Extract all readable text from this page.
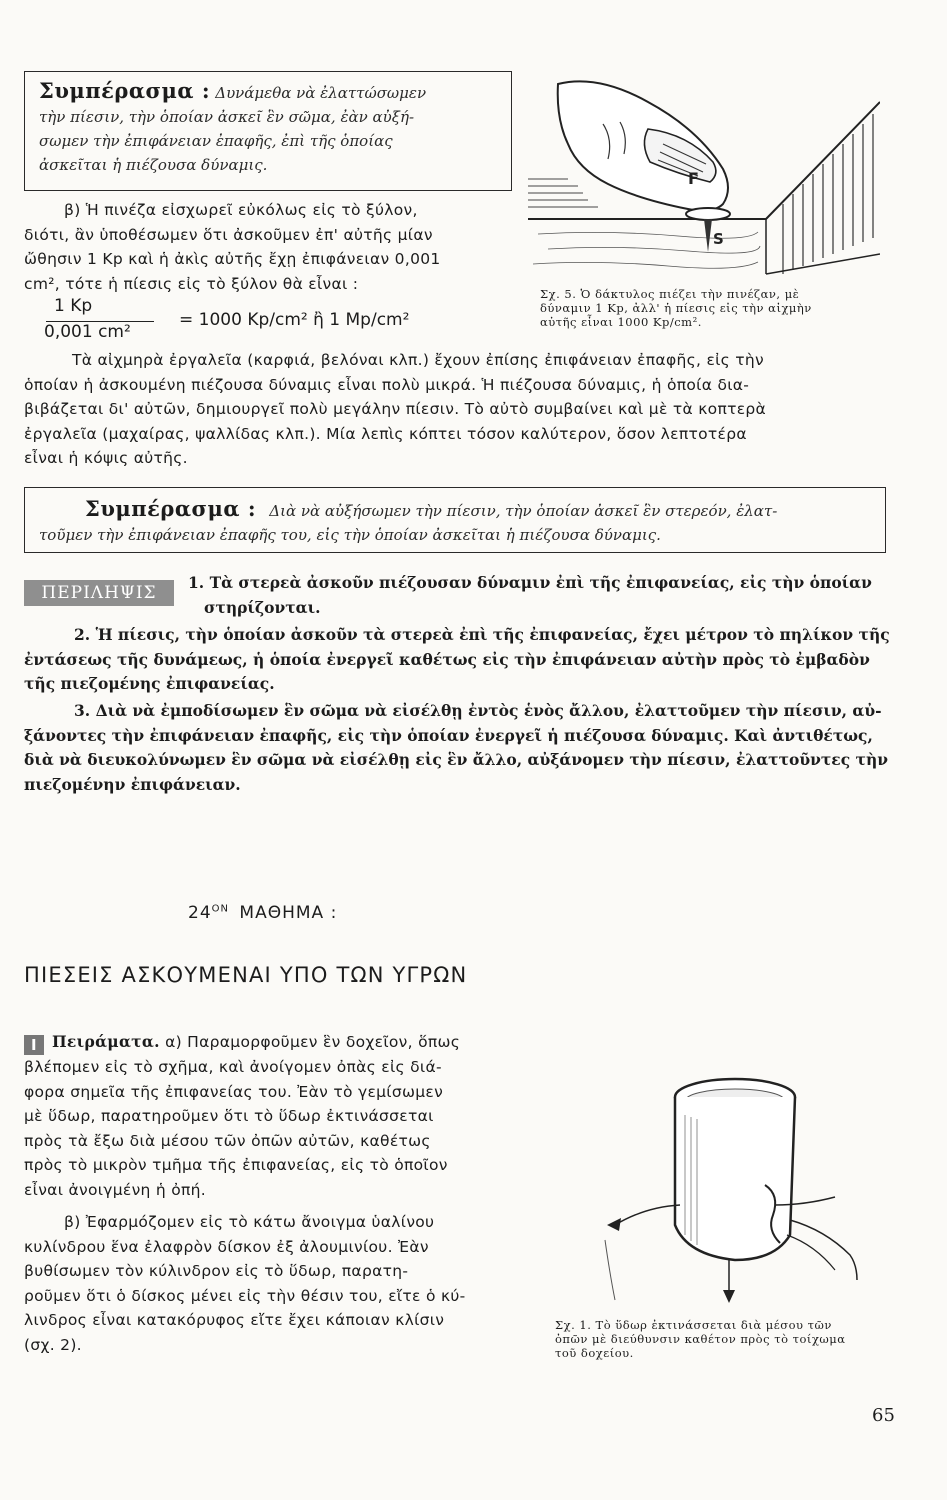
Συμπέρασμα : Δυνάμεθα νὰ ἐλαττώσωμεν
τὴν πίεσιν, τὴν ὁποίαν ἀσκεῖ ἓν σῶμα, ἐὰν αὐξή-
σωμεν τὴν ἐπιφάνειαν ἐπαφῆς, ἐπὶ τῆς ὁποίας
ἀσκεῖται ἡ πιέζουσα δύναμις.
β) Ἡ πινέζα εἰσχωρεῖ εὐκόλως εἰς τὸ ξύλον,
διότι, ἂν ὑποθέσωμεν ὅτι ἀσκοῦμεν ἐπ' αὐτῆς μίαν
ὤθησιν 1 Kp καὶ ἡ ἀκὶς αὐτῆς ἔχῃ ἐπιφάνειαν 0,001
cm², τότε ἡ πίεσις εἰς τὸ ξύλον θὰ εἶναι :
1 Kp
0,001 cm²
= 1000 Kp/cm² ἢ 1 Mp/cm²
F
S
Σχ. 5. Ὁ δάκτυλος πιέζει τὴν πινέζαν, μὲ
δύναμιν 1 Kp, ἀλλ' ἡ πίεσις εἰς τὴν αἰχμὴν
αὐτῆς εἶναι 1000 Kp/cm².
Τὰ αἰχμηρὰ ἐργαλεῖα (καρφιά, βελόναι κλπ.) ἔχουν ἐπίσης ἐπιφάνειαν ἐπαφῆς, εἰς τὴν
ὁποίαν ἡ ἀσκουμένη πιέζουσα δύναμις εἶναι πολὺ μικρά. Ἡ πιέζουσα δύναμις, ἡ ὁποία δια-
βιβάζεται δι' αὐτῶν, δημιουργεῖ πολὺ μεγάλην πίεσιν. Τὸ αὐτὸ συμβαίνει καὶ μὲ τὰ κοπτερὰ
ἐργαλεῖα (μαχαίρας, ψαλλίδας κλπ.). Μία λεπὶς κόπτει τόσον καλύτερον, ὅσον λεπτοτέρα
εἶναι ἡ κόψις αὐτῆς.
Συμπέρασμα : Διὰ νὰ αὐξήσωμεν τὴν πίεσιν, τὴν ὁποίαν ἀσκεῖ ἓν στερεόν, ἐλατ-
τοῦμεν τὴν ἐπιφάνειαν ἐπαφῆς του, εἰς τὴν ὁποίαν ἀσκεῖται ἡ πιέζουσα δύναμις.
ΠΕΡΙΛΗΨΙΣ
1. Τὰ στερεὰ ἀσκοῦν πιέζουσαν δύναμιν ἐπὶ τῆς ἐπιφανείας, εἰς τὴν ὁποίαν
στηρίζονται.
2. Ἡ πίεσις, τὴν ὁποίαν ἀσκοῦν τὰ στερεὰ ἐπὶ τῆς ἐπιφανείας, ἔχει μέτρον τὸ πηλίκον τῆς
ἐντάσεως τῆς δυνάμεως, ἡ ὁποία ἐνεργεῖ καθέτως εἰς τὴν ἐπιφάνειαν αὐτὴν πρὸς τὸ ἐμβαδὸν
τῆς πιεζομένης ἐπιφανείας.
3. Διὰ νὰ ἐμποδίσωμεν ἓν σῶμα νὰ εἰσέλθῃ ἐντὸς ἑνὸς ἄλλου, ἐλαττοῦμεν τὴν πίεσιν, αὐ-
ξάνοντες τὴν ἐπιφάνειαν ἐπαφῆς, εἰς τὴν ὁποίαν ἐνεργεῖ ἡ πιέζουσα δύναμις. Καὶ ἀντιθέτως,
διὰ νὰ διευκολύνωμεν ἓν σῶμα νὰ εἰσέλθῃ εἰς ἓν ἄλλο, αὐξάνομεν τὴν πίεσιν, ἐλαττοῦντες τὴν
πιεζομένην ἐπιφάνειαν.
$24^{ON}$ ΜΑΘΗΜΑ :
ΠΙΕΣΕΙΣ ΑΣΚΟΥΜΕΝΑΙ ΥΠΟ ΤΩΝ ΥΓΡΩΝ
I Πειράματα. α) Παραμορφοῦμεν ἓν δοχεῖον, ὅπως
βλέπομεν εἰς τὸ σχῆμα, καὶ ἀνοίγομεν ὀπὰς εἰς διά-
φορα σημεῖα τῆς ἐπιφανείας του. Ἐὰν τὸ γεμίσωμεν
μὲ ὕδωρ, παρατηροῦμεν ὅτι τὸ ὕδωρ ἐκτινάσσεται
πρὸς τὰ ἔξω διὰ μέσου τῶν ὀπῶν αὐτῶν, καθέτως
πρὸς τὸ μικρὸν τμῆμα τῆς ἐπιφανείας, εἰς τὸ ὁποῖον
εἶναι ἀνοιγμένη ἡ ὀπή.
β) Ἐφαρμόζομεν εἰς τὸ κάτω ἄνοιγμα ὑαλίνου
κυλίνδρου ἕνα ἐλαφρὸν δίσκον ἐξ ἀλουμινίου. Ἐὰν
βυθίσωμεν τὸν κύλινδρον εἰς τὸ ὕδωρ, παρατη-
ροῦμεν ὅτι ὁ δίσκος μένει εἰς τὴν θέσιν του, εἴτε ὁ κύ-
λινδρος εἶναι κατακόρυφος εἴτε ἔχει κάποιαν κλίσιν
(σχ. 2).
Σχ. 1. Τὸ ὕδωρ ἐκτινάσσεται διὰ μέσου τῶν
ὀπῶν μὲ διεύθυνσιν καθέτον πρὸς τὸ τοίχωμα
τοῦ δοχείου.
65
